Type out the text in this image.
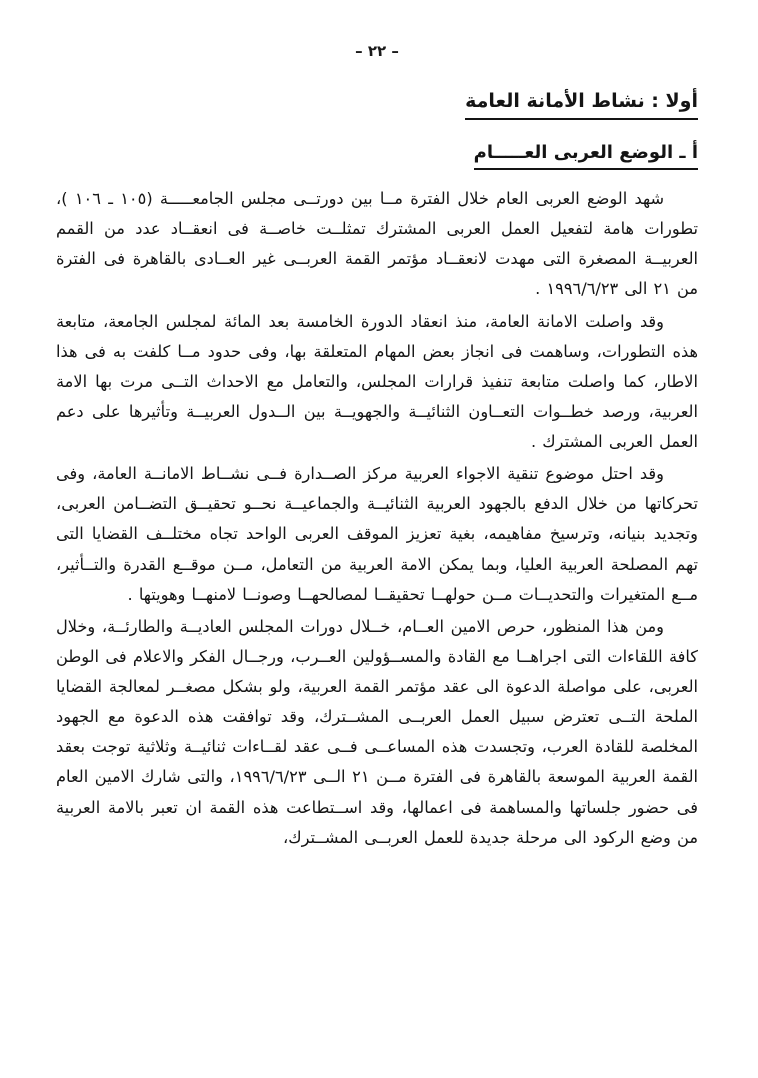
– ٢٢ –
أولا : نشاط الأمانة العامة
أ ـ الوضع العربى العـــــام

شهد الوضع العربى العام خلال الفترة مــا بين دورتــى مجلس الجامعـــــة (١٠٥ ـ ١٠٦ )، تطورات هامة لتفعيل العمل العربى المشترك تمثلــت خاصــة فى انعقــاد عدد من القمم العربيــة المصغرة التى مهدت لانعقــاد مؤتمر القمة العربــى غير العــادى بالقاهرة فى الفترة من ٢١ الى ١٩٩٦/٦/٢٣ .

وقد واصلت الامانة العامة، منذ انعقاد الدورة الخامسة بعد المائة لمجلس الجامعة، متابعة هذه التطورات، وساهمت فى انجاز بعض المهام المتعلقة بها، وفى حدود مــا كلفت به فى هذا الاطار، كما واصلت متابعة تنفيذ قرارات المجلس، والتعامل مع الاحداث التــى مرت بها الامة العربية، ورصد خطــوات التعــاون الثنائيــة والجهويــة بين الــدول العربيــة وتأثيرها على دعم العمل العربى المشترك .

وقد احتل موضوع تنقية الاجواء العربية مركز الصــدارة فــى نشــاط الامانــة العامة، وفى تحركاتها من خلال الدفع بالجهود العربية الثنائيــة والجماعيــة نحــو تحقيــق التضــامن العربى، وتجديد بنيانه، وترسيخ مفاهيمه، بغية تعزيز الموقف العربى الواحد تجاه مختلــف القضايا التى تهم المصلحة العربية العليا، وبما يمكن الامة العربية من التعامل، مــن موقــع القدرة والتــأثير، مــع المتغيرات والتحديــات مــن حولهــا تحقيقــا لمصالحهــا وصونــا لامنهــا وهويتها .

ومن هذا المنظور، حرص الامين العــام، خــلال دورات المجلس العاديــة والطارئــة، وخلال كافة اللقاءات التى اجراهــا مع القادة والمســؤولين العــرب، ورجــال الفكر والاعلام فى الوطن العربى، على مواصلة الدعوة الى عقد مؤتمر القمة العربية، ولو بشكل مصغــر لمعالجة القضايا الملحة التــى تعترض سبيل العمل العربــى المشــترك، وقد توافقت هذه الدعوة مع الجهود المخلصة للقادة العرب، وتجسدت هذه المساعــى فــى عقد لقــاءات ثنائيــة وثلاثية توجت بعقد القمة العربية الموسعة بالقاهرة فى الفترة مــن ٢١ الــى ١٩٩٦/٦/٢٣، والتى شارك الامين العام فى حضور جلساتها والمساهمة فى اعمالها، وقد اســتطاعت هذه القمة ان تعبر بالامة العربية من وضع الركود الى مرحلة جديدة للعمل العربــى المشــترك،
